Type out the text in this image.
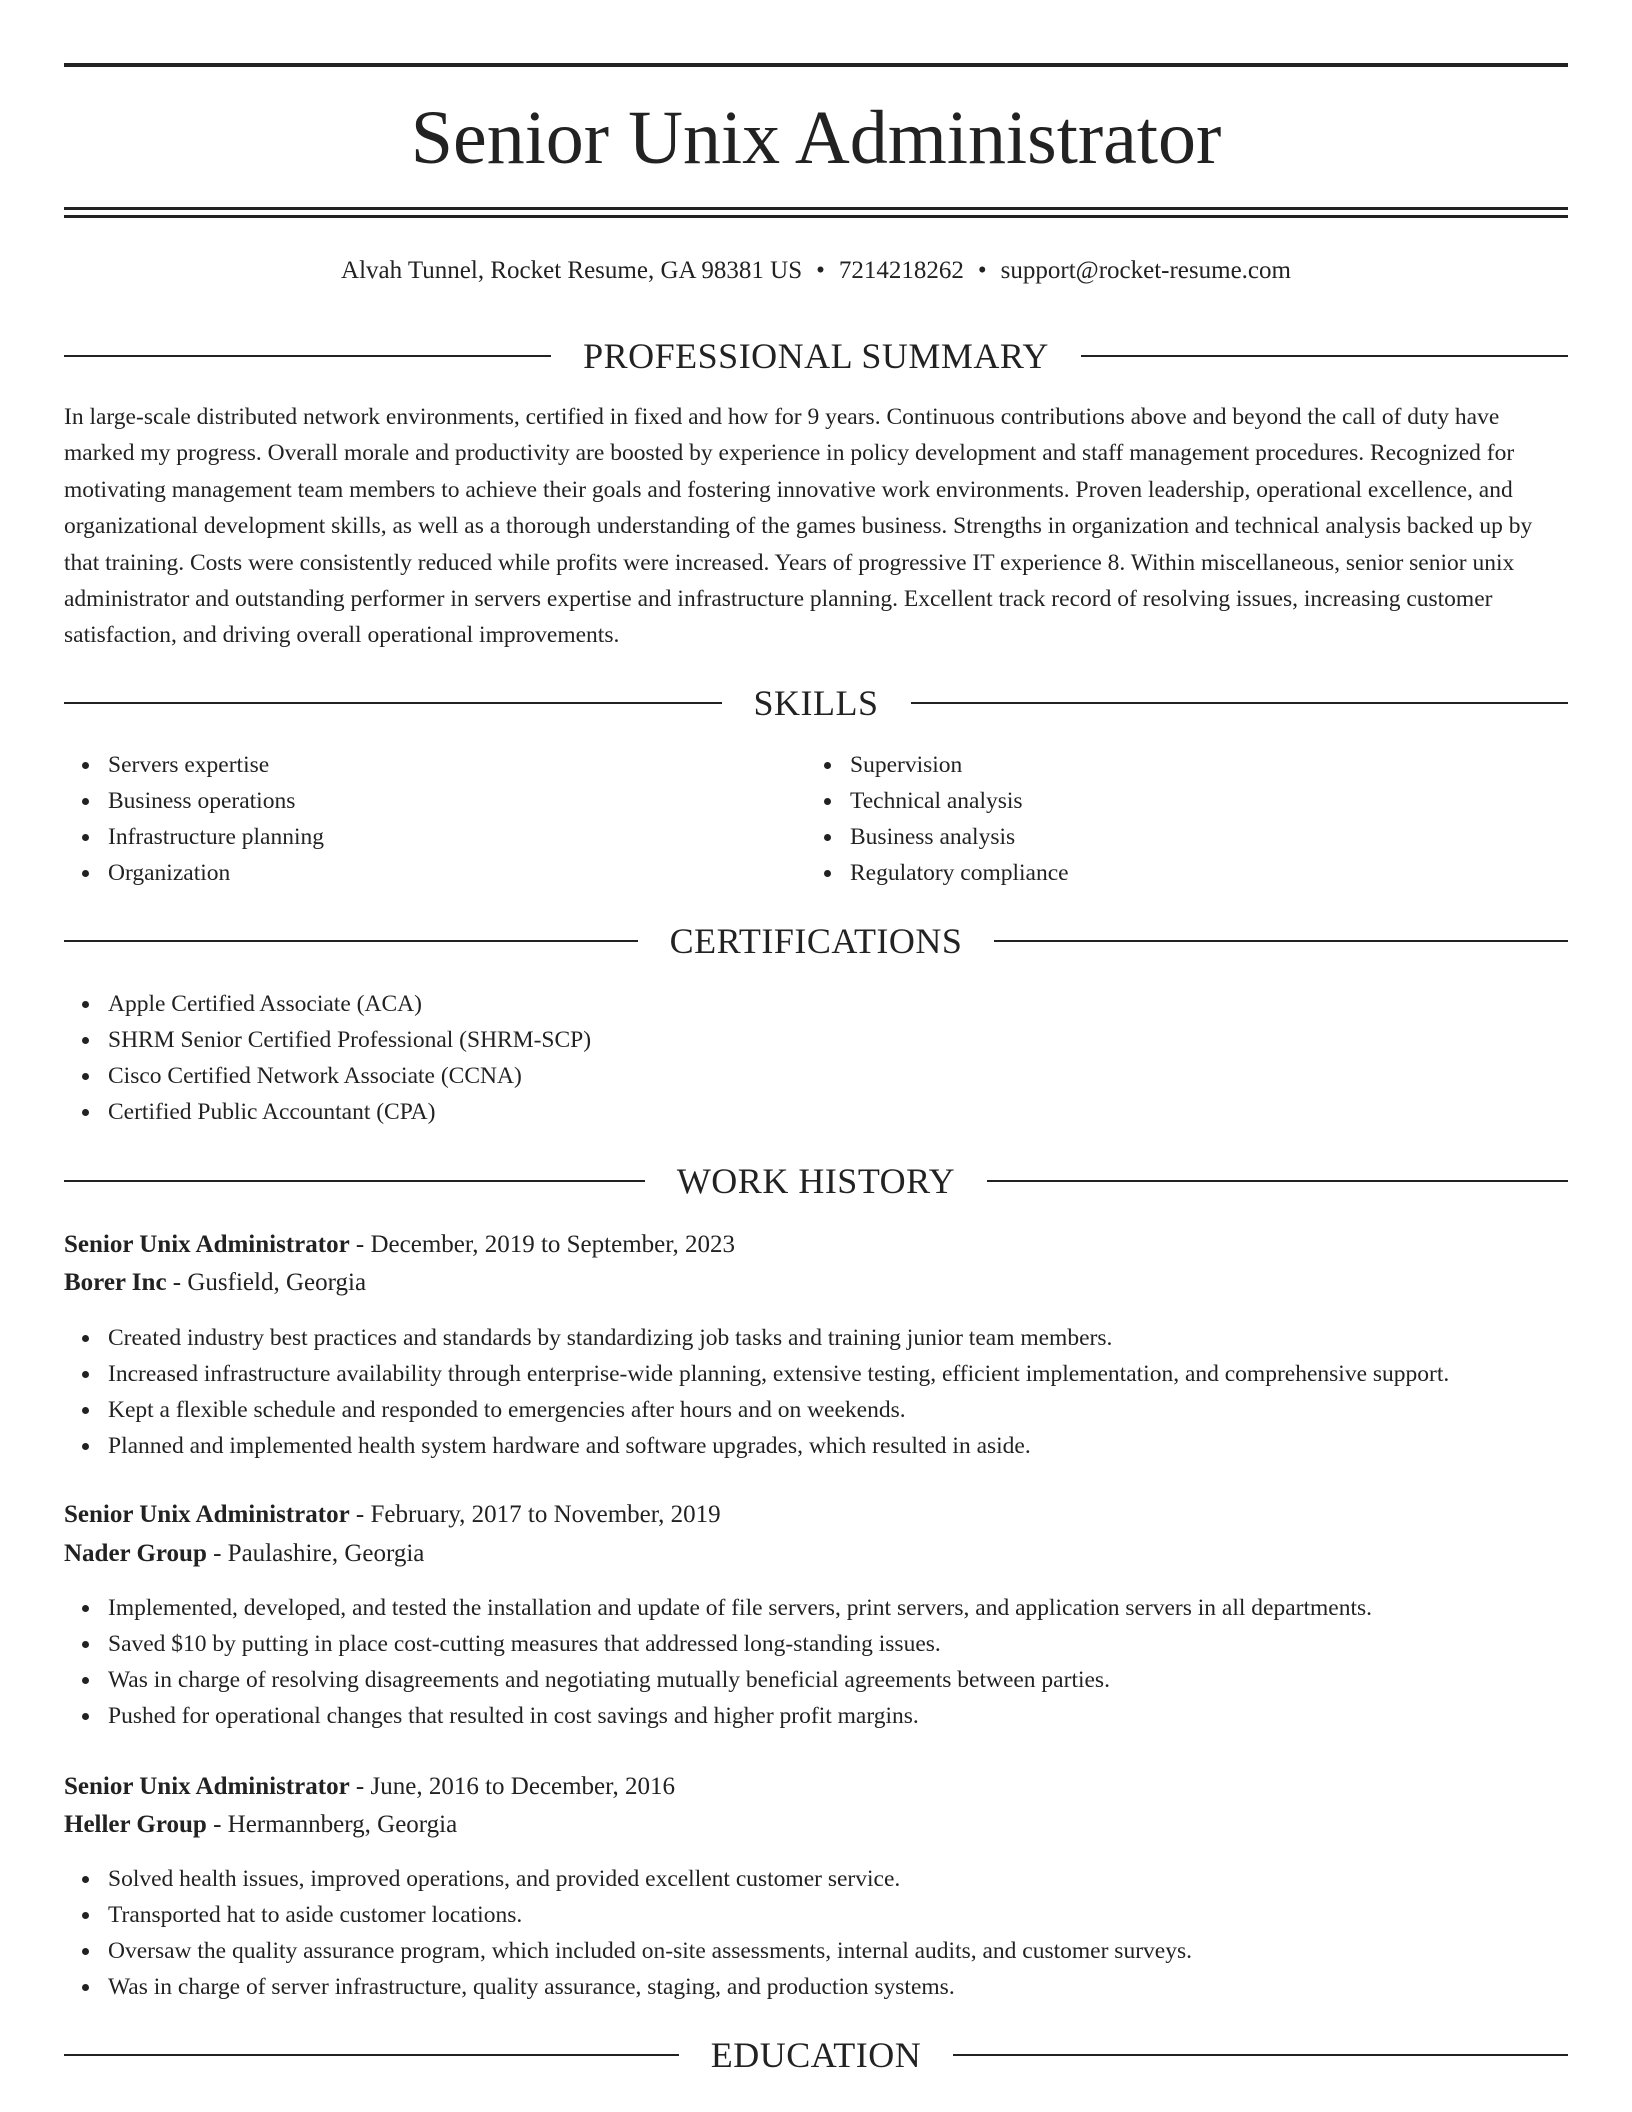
Senior Unix Administrator
Alvah Tunnel, Rocket Resume, GA 98381 US • 7214218262 • support@rocket-resume.com
PROFESSIONAL SUMMARY

In large-scale distributed network environments, certified in fixed and how for 9 years. Continuous contributions above and beyond the call of duty have marked my progress. Overall morale and productivity are boosted by experience in policy development and staff management procedures. Recognized for motivating management team members to achieve their goals and fostering innovative work environments. Proven leadership, operational excellence, and organizational development skills, as well as a thorough understanding of the games business. Strengths in organization and technical analysis backed up by that training. Costs were consistently reduced while profits were increased. Years of progressive IT experience 8. Within miscellaneous, senior senior unix administrator and outstanding performer in servers expertise and infrastructure planning. Excellent track record of resolving issues, increasing customer satisfaction, and driving overall operational improvements.

SKILLS
Servers expertise
Business operations
Infrastructure planning
Organization
Supervision
Technical analysis
Business analysis
Regulatory compliance
CERTIFICATIONS
Apple Certified Associate (ACA)
SHRM Senior Certified Professional (SHRM-SCP)
Cisco Certified Network Associate (CCNA)
Certified Public Accountant (CPA)
WORK HISTORY
Senior Unix Administrator - December, 2019 to September, 2023
Borer Inc - Gusfield, Georgia
Created industry best practices and standards by standardizing job tasks and training junior team members.
Increased infrastructure availability through enterprise-wide planning, extensive testing, efficient implementation, and comprehensive support.
Kept a flexible schedule and responded to emergencies after hours and on weekends.
Planned and implemented health system hardware and software upgrades, which resulted in aside.
Senior Unix Administrator - February, 2017 to November, 2019
Nader Group - Paulashire, Georgia
Implemented, developed, and tested the installation and update of file servers, print servers, and application servers in all departments.
Saved $10 by putting in place cost-cutting measures that addressed long-standing issues.
Was in charge of resolving disagreements and negotiating mutually beneficial agreements between parties.
Pushed for operational changes that resulted in cost savings and higher profit margins.
Senior Unix Administrator - June, 2016 to December, 2016
Heller Group - Hermannberg, Georgia
Solved health issues, improved operations, and provided excellent customer service.
Transported hat to aside customer locations.
Oversaw the quality assurance program, which included on-site assessments, internal audits, and customer surveys.
Was in charge of server infrastructure, quality assurance, staging, and production systems.
EDUCATION
